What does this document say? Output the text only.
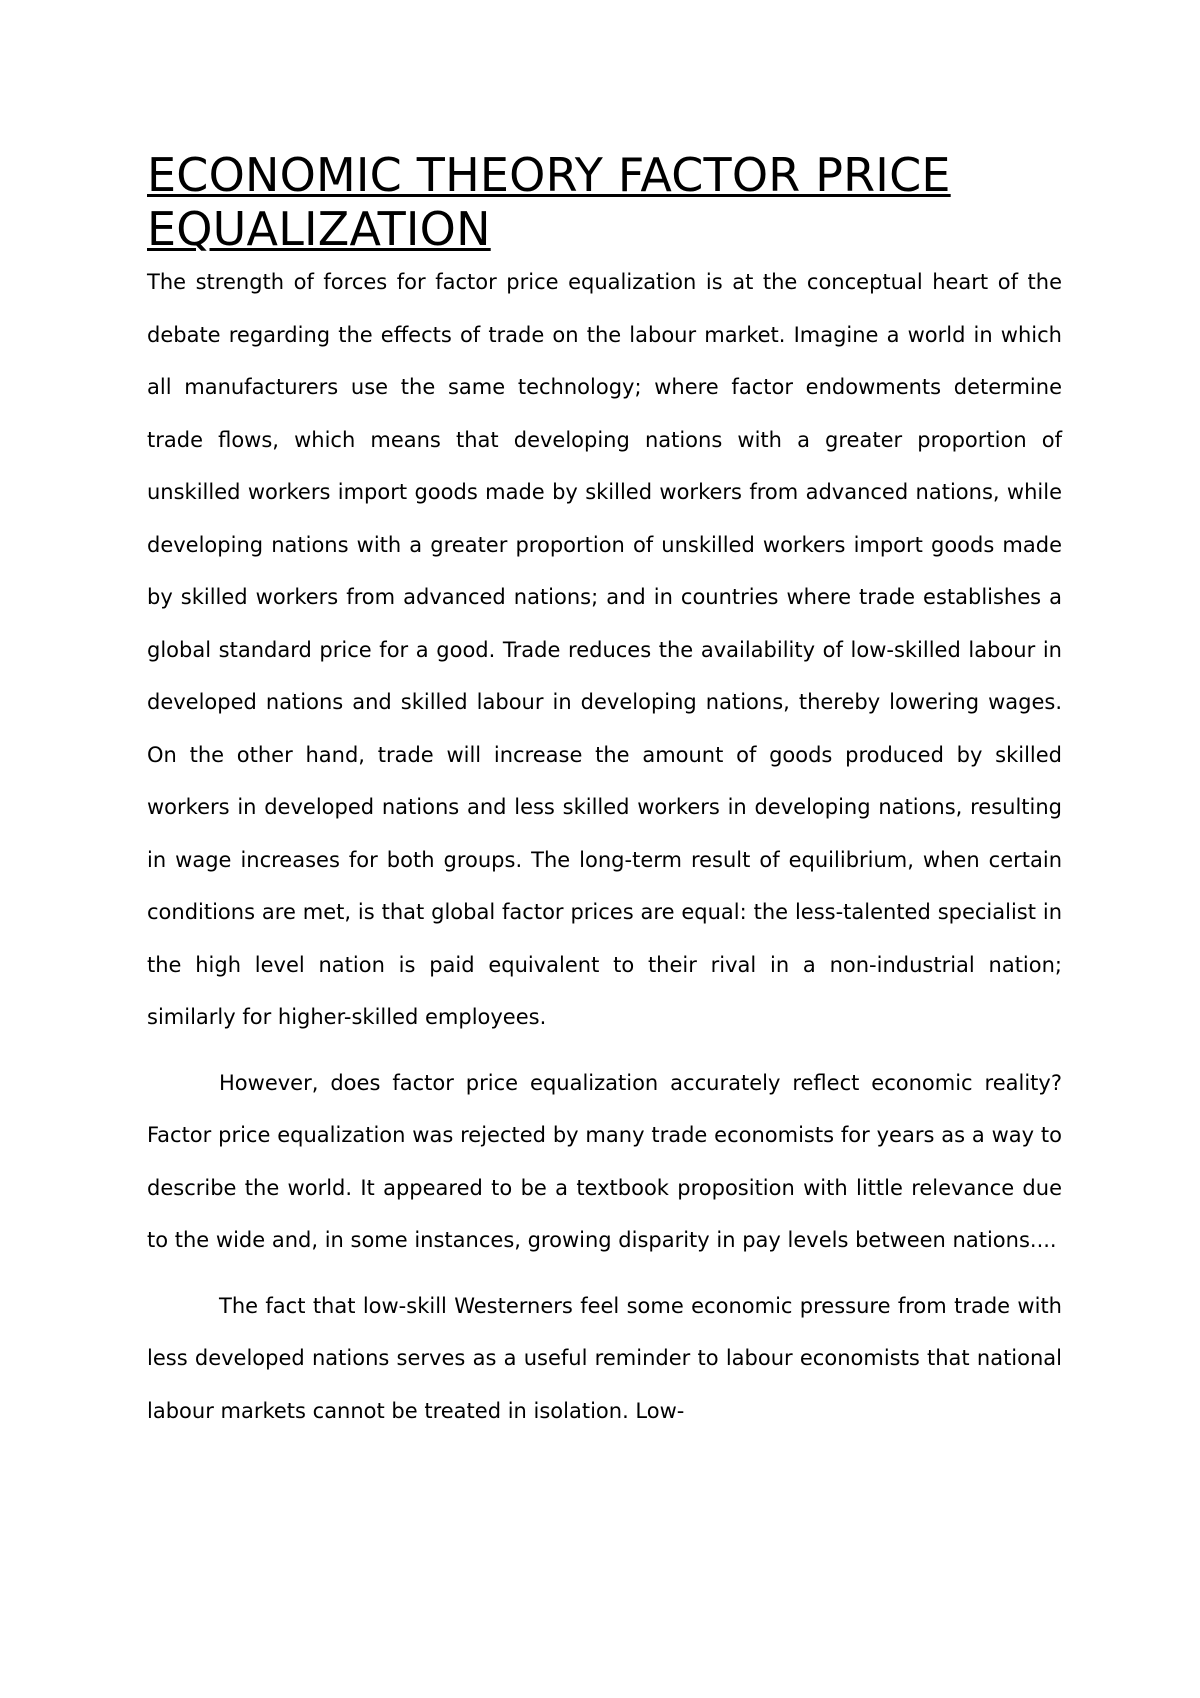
ECONOMIC THEORY FACTOR PRICE EQUALIZATION

The strength of forces for factor price equalization is at the conceptual heart of the debate regarding the effects of trade on the labour market. Imagine a world in which all manufacturers use the same technology; where factor endowments determine trade flows, which means that developing nations with a greater proportion of unskilled workers import goods made by skilled workers from advanced nations, while developing nations with a greater proportion of unskilled workers import goods made by skilled workers from advanced nations; and in countries where trade establishes a global standard price for a good. Trade reduces the availability of low-skilled labour in developed nations and skilled labour in developing nations, thereby lowering wages. On the other hand, trade will increase the amount of goods produced by skilled workers in developed nations and less skilled workers in developing nations, resulting in wage increases for both groups. The long-term result of equilibrium, when certain conditions are met, is that global factor prices are equal: the less-talented specialist in the high level nation is paid equivalent to their rival in a non-industrial nation; similarly for higher-skilled employees.

However, does factor price equalization accurately reflect economic reality? Factor price equalization was rejected by many trade economists for years as a way to describe the world. It appeared to be a textbook proposition with little relevance due to the wide and, in some instances, growing disparity in pay levels between nations....

The fact that low-skill Westerners feel some economic pressure from trade with less developed nations serves as a useful reminder to labour economists that national labour markets cannot be treated in isolation. Low-
